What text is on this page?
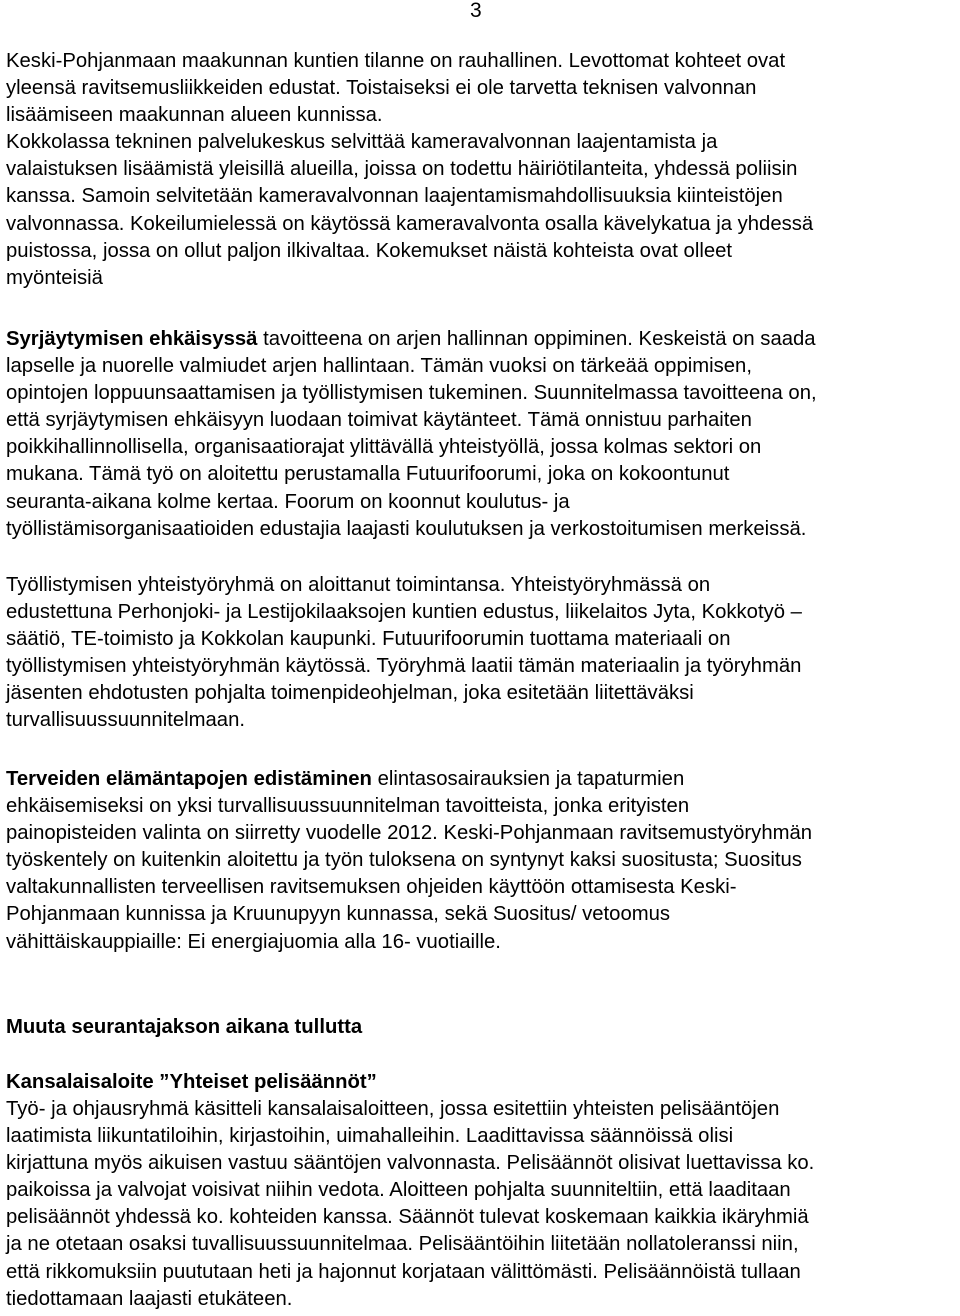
3
Keski-Pohjanmaan maakunnan kuntien tilanne on rauhallinen. Levottomat kohteet ovat
yleensä ravitsemusliikkeiden edustat. Toistaiseksi ei ole tarvetta teknisen valvonnan
lisäämiseen maakunnan alueen kunnissa.
Kokkolassa tekninen palvelukeskus selvittää kameravalvonnan laajentamista ja
valaistuksen lisäämistä yleisillä alueilla, joissa on todettu häiriötilanteita, yhdessä poliisin
kanssa. Samoin selvitetään kameravalvonnan laajentamismahdollisuuksia kiinteistöjen
valvonnassa. Kokeilumielessä on käytössä kameravalvonta osalla kävelykatua ja yhdessä
puistossa, jossa on ollut paljon ilkivaltaa. Kokemukset näistä kohteista ovat olleet
myönteisiä
Syrjäytymisen ehkäisyssä tavoitteena on arjen hallinnan oppiminen. Keskeistä on saada
lapselle ja nuorelle valmiudet arjen hallintaan. Tämän vuoksi on tärkeää oppimisen,
opintojen loppuunsaattamisen ja työllistymisen tukeminen. Suunnitelmassa tavoitteena on,
että syrjäytymisen ehkäisyyn luodaan toimivat käytänteet. Tämä onnistuu parhaiten
poikkihallinnollisella, organisaatiorajat ylittävällä yhteistyöllä, jossa kolmas sektori on
mukana. Tämä työ on aloitettu perustamalla Futuurifoorumi, joka on kokoontunut
seuranta-aikana kolme kertaa. Foorum on koonnut koulutus- ja
työllistämisorganisaatioiden edustajia laajasti koulutuksen ja verkostoitumisen merkeissä.
Työllistymisen yhteistyöryhmä on aloittanut toimintansa. Yhteistyöryhmässä on
edustettuna Perhonjoki- ja Lestijokilaaksojen kuntien edustus, liikelaitos Jyta, Kokkotyö –
säätiö, TE-toimisto ja Kokkolan kaupunki. Futuurifoorumin tuottama materiaali on
työllistymisen yhteistyöryhmän käytössä. Työryhmä laatii tämän materiaalin ja työryhmän
jäsenten ehdotusten pohjalta toimenpideohjelman, joka esitetään liitettäväksi
turvallisuussuunnitelmaan.
Terveiden elämäntapojen edistäminen elintasosairauksien ja tapaturmien
ehkäisemiseksi on yksi turvallisuussuunnitelman tavoitteista, jonka erityisten
painopisteiden valinta on siirretty vuodelle 2012. Keski-Pohjanmaan ravitsemustyöryhmän
työskentely on kuitenkin aloitettu ja työn tuloksena on syntynyt kaksi suositusta; Suositus
valtakunnallisten terveellisen ravitsemuksen ohjeiden käyttöön ottamisesta Keski-
Pohjanmaan kunnissa ja Kruunupyyn kunnassa, sekä Suositus/ vetoomus
vähittäiskauppiaille: Ei energiajuomia alla 16- vuotiaille.
Muuta seurantajakson aikana tullutta
Kansalaisaloite ”Yhteiset pelisäännöt”
Työ- ja ohjausryhmä käsitteli kansalaisaloitteen, jossa esitettiin yhteisten pelisääntöjen
laatimista liikuntatiloihin, kirjastoihin, uimahalleihin. Laadittavissa säännöissä olisi
kirjattuna myös aikuisen vastuu sääntöjen valvonnasta. Pelisäännöt olisivat luettavissa ko.
paikoissa ja valvojat voisivat niihin vedota. Aloitteen pohjalta suunniteltiin, että laaditaan
pelisäännöt yhdessä ko. kohteiden kanssa. Säännöt tulevat koskemaan kaikkia ikäryhmiä
ja ne otetaan osaksi tuvallisuussuunnitelmaa. Pelisääntöihin liitetään nollatoleranssi niin,
että rikkomuksiin puututaan heti ja hajonnut korjataan välittömästi. Pelisäännöistä tullaan
tiedottamaan laajasti etukäteen.
